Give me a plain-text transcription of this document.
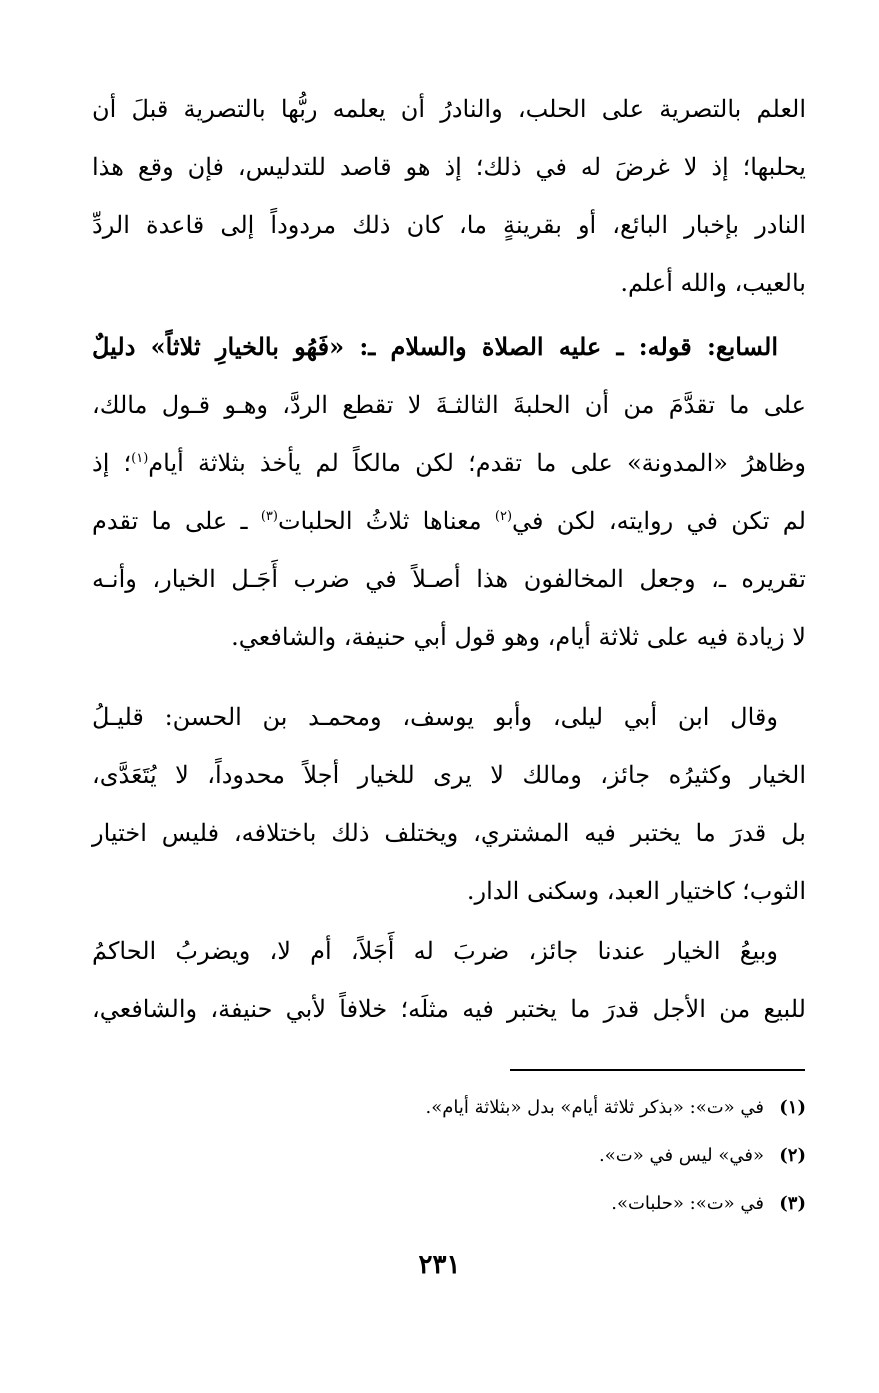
العلم بالتصرية على الحلب، والنادرُ أن يعلمه ربُّها بالتصرية قبلَ أن
يحلبها؛ إذ لا غرضَ له في ذلك؛ إذ هو قاصد للتدليس، فإن وقع هذا
النادر بإخبار البائع، أو بقرينةٍ ما، كان ذلك مردوداً إلى قاعدة الردِّ
بالعيب، والله أعلم.
السابع: قوله: ـ عليه الصلاة والسلام ـ: «فَهُو بالخيارِ ثلاثاً» دليلٌ
على ما تقدَّمَ من أن الحلبةَ الثالثـةَ لا تقطع الردَّ، وهـو قـول مالك،
وظاهرُ «المدونة» على ما تقدم؛ لكن مالكاً لم يأخذ بثلاثة أيام$^{(١)}$؛ إذ
لم تكن في روايته، لكن في$^{(٢)}$ معناها ثلاثُ الحلبات$^{(٣)}$ ـ على ما تقدم
تقريره ـ، وجعل المخالفون هذا أصـلاً في ضرب أَجَـل الخيار، وأنـه
لا زيادة فيه على ثلاثة أيام، وهو قول أبي حنيفة، والشافعي.
وقال ابن أبي ليلى، وأبو يوسف، ومحمـد بن الحسن: قليـلُ
الخيار وكثيرُه جائز، ومالك لا يرى للخيار أجلاً محدوداً، لا يُتَعَدَّى،
بل قدرَ ما يختبر فيه المشتري، ويختلف ذلك باختلافه، فليس اختيار
الثوب؛ كاختيار العبد، وسكنى الدار.
وبيعُ الخيار عندنا جائز، ضربَ له أَجَلاً، أم لا، ويضربُ الحاكمُ
للبيع من الأجل قدرَ ما يختبر فيه مثلَه؛ خلافاً لأبي حنيفة، والشافعي،
(١)في «ت»: «بذكر ثلاثة أيام» بدل «بثلاثة أيام».
(٢)«في» ليس في «ت».
(٣)في «ت»: «حلبات».
٢٣١
